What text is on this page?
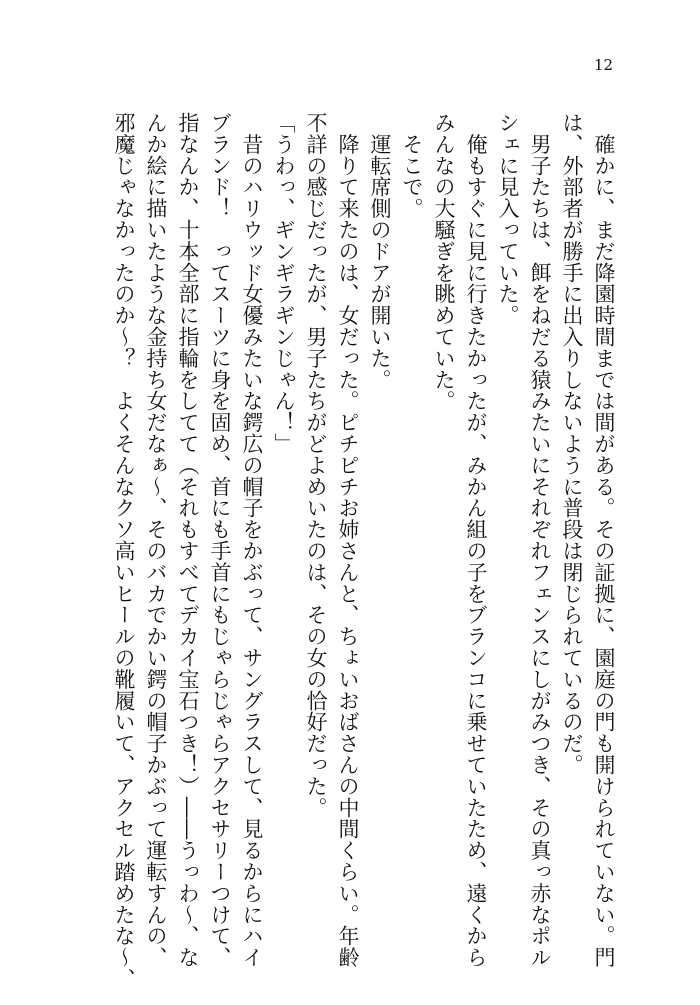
12
　確かに、まだ降園時間までは間がある。その証拠に、園庭の門も開けられていない。門
は、外部者が勝手に出入りしないように普段は閉じられているのだ。
　男子たちは、餌をねだる猿みたいにそれぞれフェンスにしがみつき、その真っ赤なポル
シェに見入っていた。
　俺もすぐに見に行きたかったが、みかん組の子をブランコに乗せていたため、遠くから
みんなの大騒ぎを眺めていた。
　そこで。
　運転席側のドアが開いた。
　降りて来たのは、女だった。ピチピチお姉さんと、ちょいおばさんの中間くらい。年齢
不詳の感じだったが、男子たちがどよめいたのは、その女の恰好だった。
「うわっ、ギンギラギンじゃん！」
　昔のハリウッド女優みたいな鍔広の帽子をかぶって、サングラスして、見るからにハイ
ブランド！　ってスーツに身を固め、首にも手首にもじゃらじゃらアクセサリーつけて、
指なんか、十本全部に指輪をしてて（それもすべてデカイ宝石つき！）――うっわ～、な
んか絵に描いたような金持ち女だなぁ～、そのバカでかい鍔の帽子かぶって運転すんの、
邪魔じゃなかったのか～？　よくそんなクソ高いヒールの靴履いて、アクセル踏めたな～、
